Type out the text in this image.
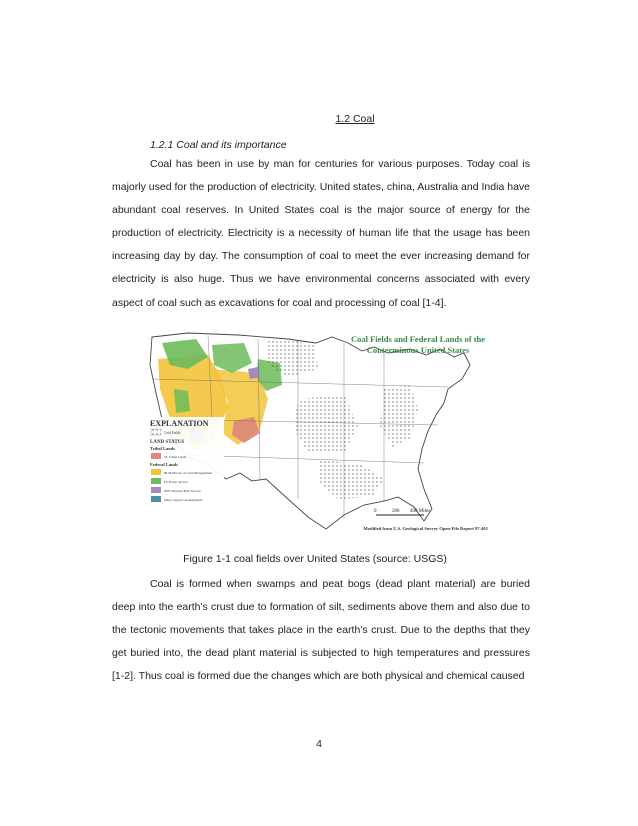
1.2 Coal
1.2.1 Coal and its importance
Coal has been in use by man for centuries for various purposes. Today coal is majorly used for the production of electricity. United states, china, Australia and India have abundant coal reserves. In United States coal is the major source of energy for the production of electricity. Electricity is a necessity of human life that the usage has been increasing day by day. The consumption of coal to meet the ever increasing demand for electricity is also huge. Thus we have environmental concerns associated with every aspect of coal such as excavations for coal and processing of coal [1-4].
Coal Fields and Federal Lands of the
Conterminous United States
EXPLANATION
Coal Fields
LAND STATUS
Tribal Lands
TL Tribal Lands
Federal Lands
BLM Bureau of Land Management
FS Forest Service
NPS National Park Service
Other, Agency undesignated
0	200 400 Miles
Modified from U.S. Geological Survey Open-File Report 97-461
Figure 1-1 coal fields over United States (source: USGS)
Coal is formed when swamps and peat bogs (dead plant material) are buried deep into the earth's crust due to formation of silt, sediments above them and also due to the tectonic movements that takes place in the earth's crust. Due to the depths that they get buried into, the dead plant material is subjected to high temperatures and pressures [1-2]. Thus coal is formed due the changes which are both physical and chemical caused
4
